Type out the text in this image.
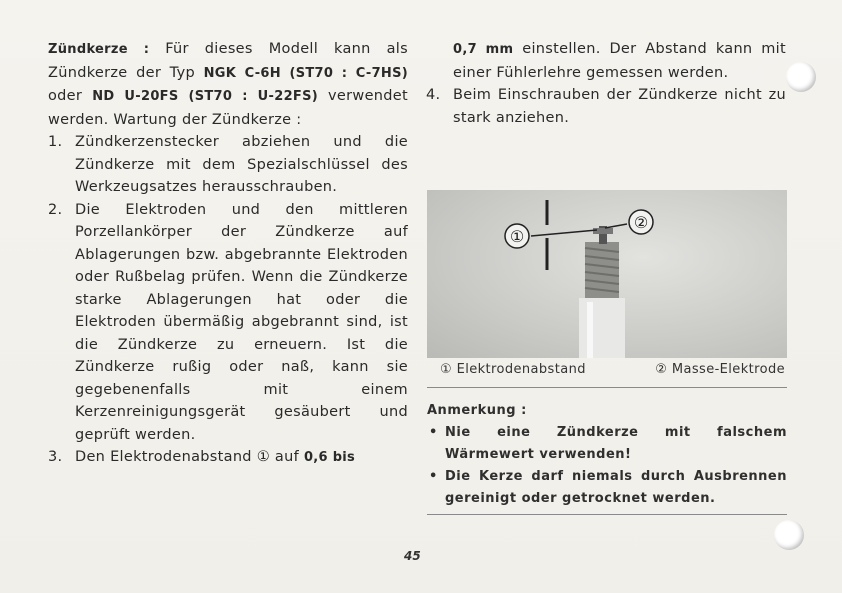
Zündkerze : Für dieses Modell kann als Zündkerze der Typ NGK C-6H (ST70 : C-7HS) oder ND U-20FS (ST70 : U-22FS) verwendet werden. Wartung der Zündkerze :

1. Zündkerzenstecker abziehen und die Zündkerze mit dem Spezialschlüssel des Werkzeugsatzes herausschrauben.
2. Die Elektroden und den mittleren Porzellankörper der Zündkerze auf Ablagerungen bzw. abgebrannte Elektroden oder Rußbelag prüfen. Wenn die Zündkerze starke Ablagerungen hat oder die Elektroden übermäßig abgebrannt sind, ist die Zündkerze zu erneuern. Ist die Zündkerze rußig oder naß, kann sie gegebenenfalls mit einem Kerzenreinigungsgerät gesäubert und geprüft werden.
3. Den Elektrodenabstand ① auf 0,6 bis

0,7 mm einstellen. Der Abstand kann mit einer Fühlerlehre gemessen werden.

4. Beim Einschrauben der Zündkerze nicht zu stark anziehen.
①
②
① Elektrodenabstand	② Masse-Elektrode
Anmerkung :
• Nie eine Zündkerze mit falschem Wärmewert verwenden!
• Die Kerze darf niemals durch Ausbrennen gereinigt oder getrocknet werden.
45
